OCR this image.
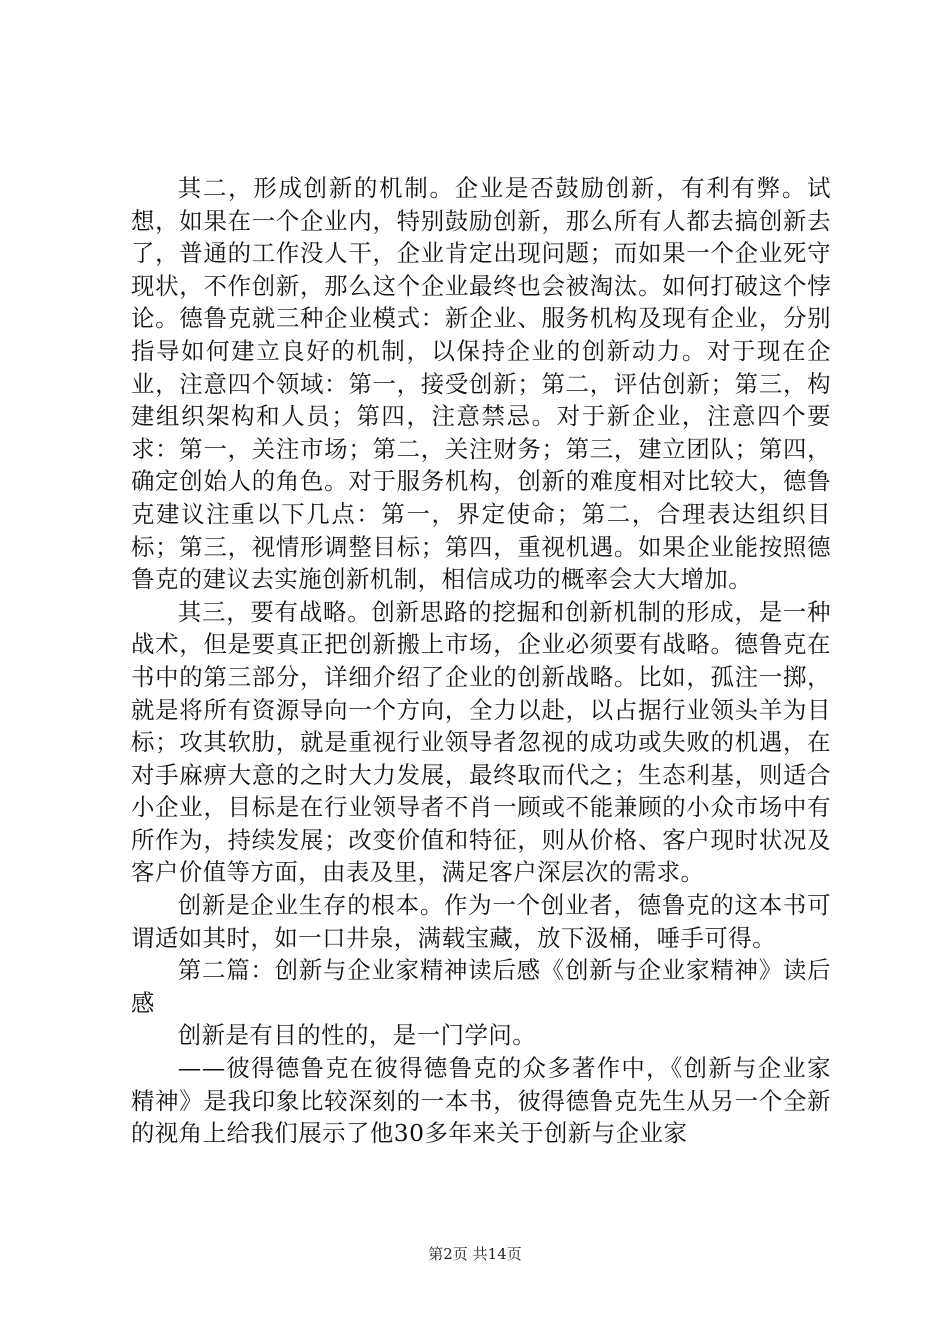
其二，形成创新的机制。企业是否鼓励创新，有利有弊。试想，如果在一个企业内，特别鼓励创新，那么所有人都去搞创新去了，普通的工作没人干，企业肯定出现问题；而如果一个企业死守现状，不作创新，那么这个企业最终也会被淘汰。如何打破这个悖论。德鲁克就三种企业模式：新企业、服务机构及现有企业，分别指导如何建立良好的机制，以保持企业的创新动力。对于现在企业，注意四个领域：第一，接受创新；第二，评估创新；第三，构建组织架构和人员；第四，注意禁忌。对于新企业，注意四个要求：第一，关注市场；第二，关注财务；第三，建立团队；第四，确定创始人的角色。对于服务机构，创新的难度相对比较大，德鲁克建议注重以下几点：第一，界定使命；第二，合理表达组织目标；第三，视情形调整目标；第四，重视机遇。如果企业能按照德鲁克的建议去实施创新机制，相信成功的概率会大大增加。

其三，要有战略。创新思路的挖掘和创新机制的形成，是一种战术，但是要真正把创新搬上市场，企业必须要有战略。德鲁克在书中的第三部分，详细介绍了企业的创新战略。比如，孤注一掷，就是将所有资源导向一个方向，全力以赴，以占据行业领头羊为目标；攻其软肋，就是重视行业领导者忽视的成功或失败的机遇，在对手麻痹大意的之时大力发展，最终取而代之；生态利基，则适合小企业，目标是在行业领导者不肖一顾或不能兼顾的小众市场中有所作为，持续发展；改变价值和特征，则从价格、客户现时状况及客户价值等方面，由表及里，满足客户深层次的需求。

创新是企业生存的根本。作为一个创业者，德鲁克的这本书可谓适如其时，如一口井泉，满载宝藏，放下汲桶，唾手可得。

第二篇：创新与企业家精神读后感《创新与企业家精神》读后感

创新是有目的性的，是一门学问。

——彼得德鲁克在彼得德鲁克的众多著作中，《创新与企业家精神》是我印象比较深刻的一本书，彼得德鲁克先生从另一个全新的视角上给我们展示了他30多年来关于创新与企业家

第2页 共14页
